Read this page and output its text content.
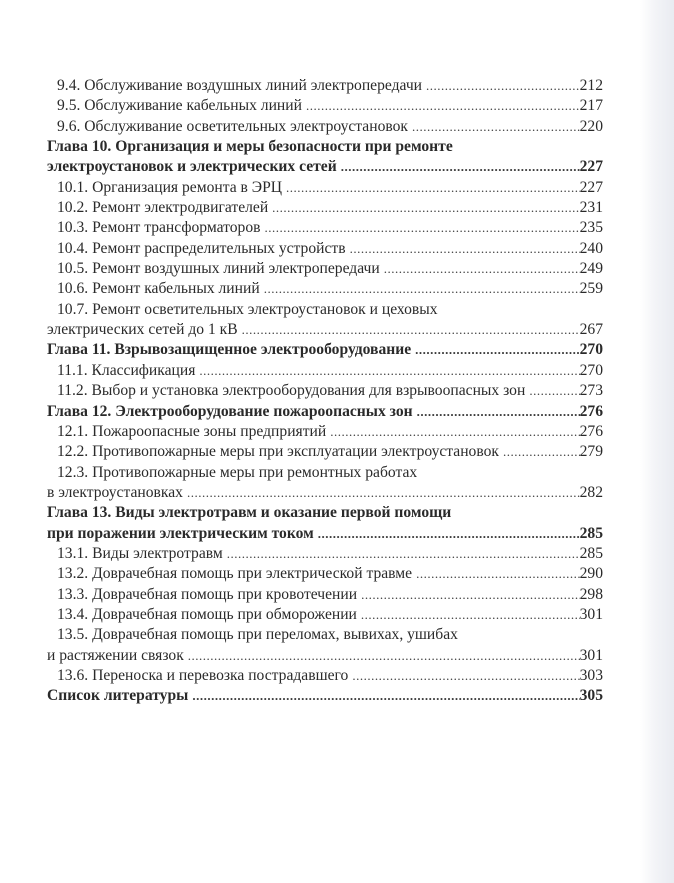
9.4. Обслуживание воздушных линий электропередачи .....	212
9.5. Обслуживание кабельных линий .....	217
9.6. Обслуживание осветительных электроустановок .....	220
Глава 10. Организация и меры безопасности при ремонте
электроустановок и электрических сетей .....	227
10.1. Организация ремонта в ЭРЦ .....	227
10.2. Ремонт электродвигателей .....	231
10.3. Ремонт трансформаторов .....	235
10.4. Ремонт распределительных устройств .....	240
10.5. Ремонт воздушных линий электропередачи .....	249
10.6. Ремонт кабельных линий .....	259
10.7. Ремонт осветительных электроустановок и цеховых
электрических сетей до 1 кВ .....	267
Глава 11. Взрывозащищенное электрооборудование .....	270
11.1. Классификация .....	270
11.2. Выбор и установка электрооборудования для взрывоопасных зон .....	273
Глава 12. Электрооборудование пожароопасных зон .....	276
12.1. Пожароопасные зоны предприятий .....	276
12.2. Противопожарные меры при эксплуатации электроустановок .....	279
12.3. Противопожарные меры при ремонтных работах
в электроустановках .....	282
Глава 13. Виды электротравм и оказание первой помощи
при поражении электрическим током .....	285
13.1. Виды электротравм .....	285
13.2. Доврачебная помощь при электрической травме .....	290
13.3. Доврачебная помощь при кровотечении .....	298
13.4. Доврачебная помощь при обморожении .....	301
13.5. Доврачебная помощь при переломах, вывихах, ушибах
и растяжении связок .....	301
13.6. Переноска и перевозка пострадавшего .....	303
Список литературы .....	305
